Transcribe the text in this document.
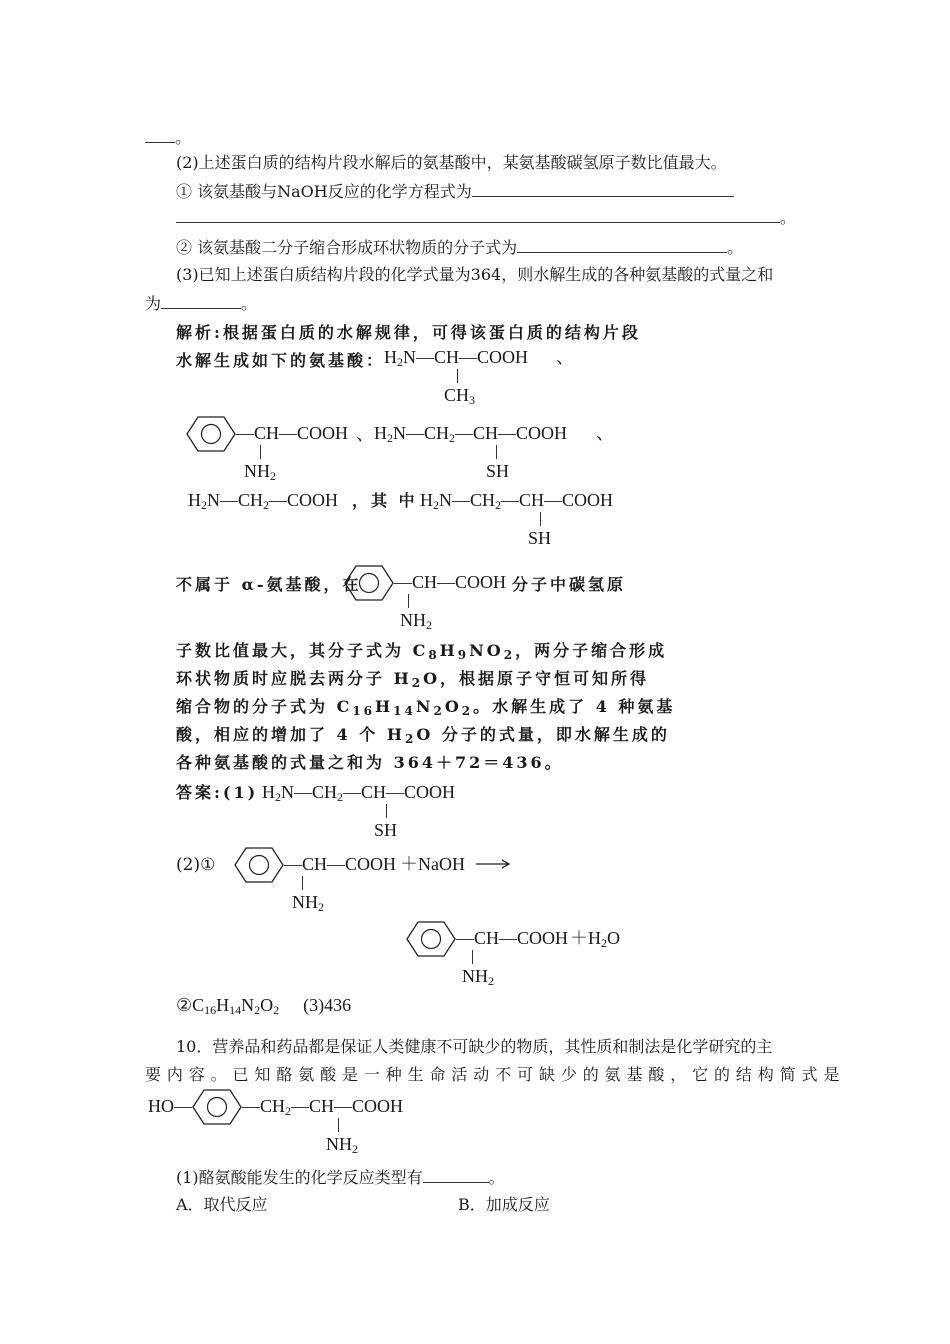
。
(2)上述蛋白质的结构片段水解后的氨基酸中，某氨基酸碳氢原子数比值最大。
① 该氨基酸与NaOH反应的化学方程式为
。
② 该氨基酸二分子缩合形成环状物质的分子式为	。
(3)已知上述蛋白质结构片段的化学式量为364，则水解生成的各种氨基酸的式量之和
为	。
解析:根据蛋白质的水解规律，可得该蛋白质的结构片段
水解生成如下的氨基酸：
$H_2N—CH—COOH$
$CH_3$
、
—CH—COOH
$NH_2$
、 $H_2N—CH_2—CH—COOH$
SH
、
$H_2N—CH_2—COOH$ ，其 中 $H_2N—CH_2—CH—COOH$
SH
不属于 α-氨基酸，在 —CH—COOH
$NH_2$
分子中碳氢原
子数比值最大，其分子式为 $C_8H_9NO_2$，两分子缩合形成
环状物质时应脱去两分子 $H_2O$，根据原子守恒可知所得
缩合物的分子式为 $C_{16}H_{14}N_2O_2$。水解生成了 4 种氨基
酸，相应的增加了 4 个 $H_2O$ 分子的式量，即水解生成的
各种氨基酸的式量之和为 364＋72＝436。
答案:(1) $H_2N—CH_2—CH—COOH$
SH
(2)①	—CH—COOH
$NH_2$
＋NaOH →
—CH—COOH
$NH_2$
$+H_2O$
$②C_{16}H_{14}N_2O_2$ (3)436
10．营养品和药品都是保证人类健康不可缺少的物质，其性质和制法是化学研究的主
要 内 容 。 已 知 酪 氨 酸 是 一 种 生 命 活 动 不 可 缺 少 的 氨 基 酸 ， 它 的 结 构 简 式 是
HO—	$—CH_2—CH—COOH$
$NH_2$
(1)酪氨酸能发生的化学反应类型有	。
A．取代反应	B．加成反应
